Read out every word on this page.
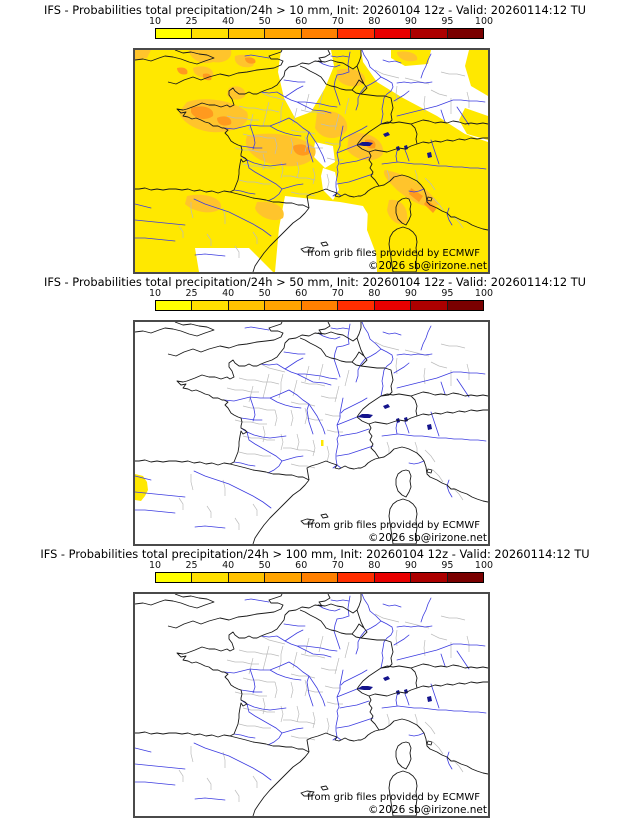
IFS - Probabilities total precipitation/24h > 10 mm, Init: 20260104 12z - Valid: 20260114:12 TU
10	25	40	50	60	70	80	90	95 100
from grib files provided by ECMWF
©2026 sb@irizone.net
IFS - Probabilities total precipitation/24h > 50 mm, Init: 20260104 12z - Valid: 20260114:12 TU
10	25	40	50	60	70	80	90	95 100
from grib files provided by ECMWF
©2026 sb@irizone.net
IFS - Probabilities total precipitation/24h > 100 mm, Init: 20260104 12z - Valid: 20260114:12 TU
10	25	40	50	60	70	80	90	95 100
from grib files provided by ECMWF
©2026 sb@irizone.net
